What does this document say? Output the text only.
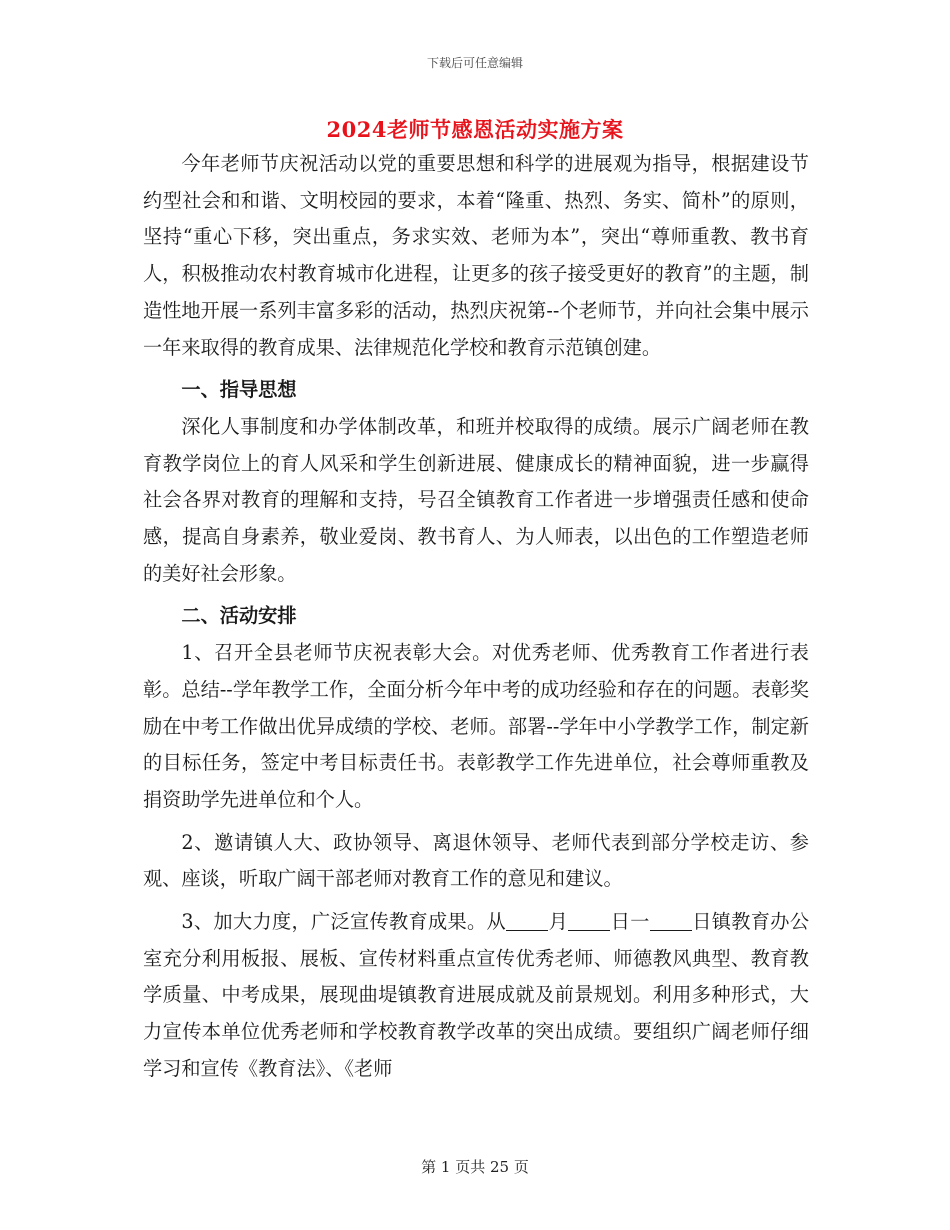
下载后可任意编辑
2024老师节感恩活动实施方案

今年老师节庆祝活动以党的重要思想和科学的进展观为指导，根据建设节约型社会和和谐、文明校园的要求，本着“隆重、热烈、务实、简朴”的原则，坚持“重心下移，突出重点，务求实效、老师为本”，突出“尊师重教、教书育人，积极推动农村教育城市化进程，让更多的孩子接受更好的教育”的主题，制造性地开展一系列丰富多彩的活动，热烈庆祝第--个老师节，并向社会集中展示一年来取得的教育成果、法律规范化学校和教育示范镇创建。

一、指导思想

深化人事制度和办学体制改革，和班并校取得的成绩。展示广阔老师在教育教学岗位上的育人风采和学生创新进展、健康成长的精神面貌，进一步赢得社会各界对教育的理解和支持，号召全镇教育工作者进一步增强责任感和使命感，提高自身素养，敬业爱岗、教书育人、为人师表，以出色的工作塑造老师的美好社会形象。

二、活动安排

1、召开全县老师节庆祝表彰大会。对优秀老师、优秀教育工作者进行表彰。总结--学年教学工作，全面分析今年中考的成功经验和存在的问题。表彰奖励在中考工作做出优异成绩的学校、老师。部署--学年中小学教学工作，制定新的目标任务，签定中考目标责任书。表彰教学工作先进单位，社会尊师重教及捐资助学先进单位和个人。

2、邀请镇人大、政协领导、离退休领导、老师代表到部分学校走访、参观、座谈，听取广阔干部老师对教育工作的意见和建议。

3、加大力度，广泛宣传教育成果。从 月 日一 日镇教育办公室充分利用板报、展板、宣传材料重点宣传优秀老师、师德教风典型、教育教学质量、中考成果，展现曲堤镇教育进展成就及前景规划。利用多种形式，大力宣传本单位优秀老师和学校教育教学改革的突出成绩。要组织广阔老师仔细学习和宣传《教育法》、《老师

第 1 页共 25 页
